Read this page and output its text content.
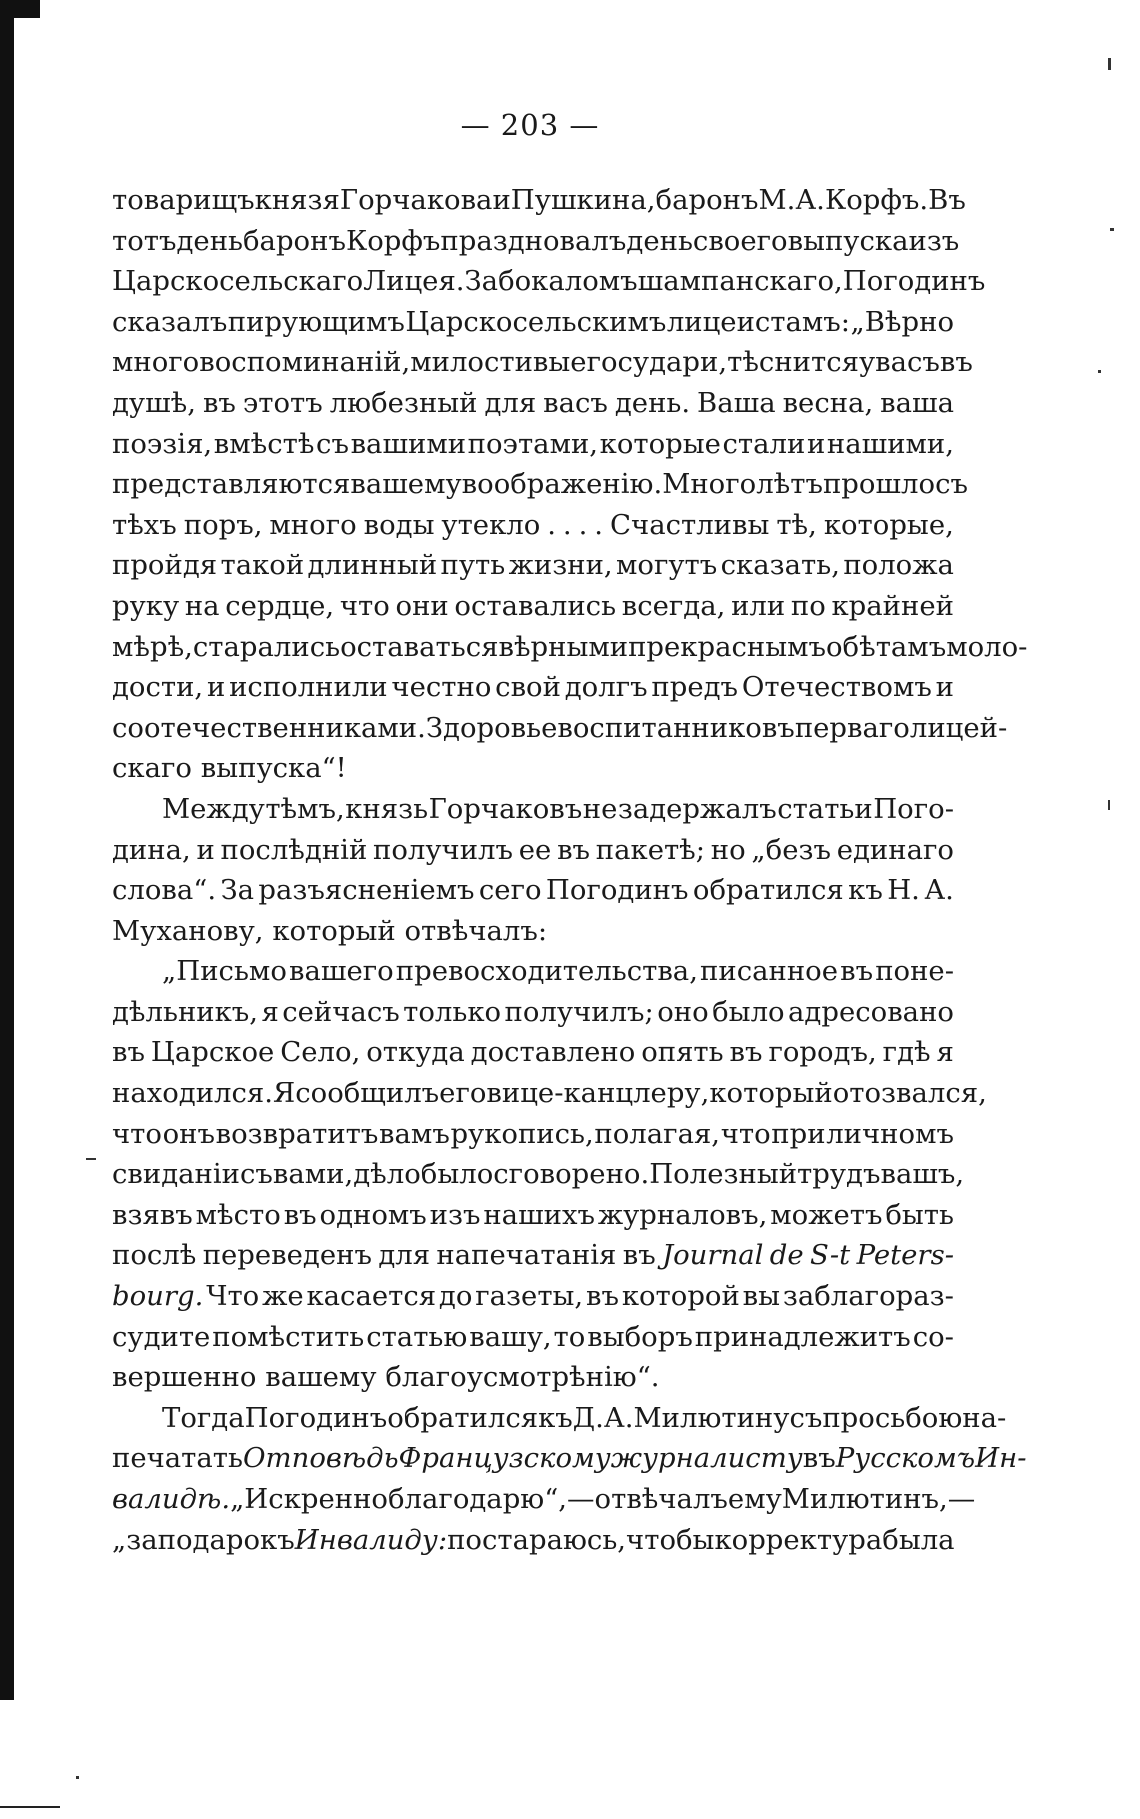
— 203 —
товарищъ князя Горчакова и Пушкина, баронъ М. А. Корфъ. Въ
тотъ день баронъ Корфъ праздновалъ день своего выпуска изъ
Царскосельскаго Лицея. За бокаломъ шампанскаго, Погодинъ
сказалъ пирующимъ Царскосельскимъ лицеистамъ: „Вѣрно
много воспоминаній, милостивые государи, тѣснится у васъ въ
душѣ, въ этотъ любезный для васъ день. Ваша весна, ваша
поэзія, вмѣстѣ съ вашими поэтами, которые стали и нашими,
представляются вашему воображенію. Много лѣтъ прошло съ
тѣхъ поръ, много воды утекло . . . . Счастливы тѣ, которые,
пройдя такой длинный путь жизни, могутъ сказать, положа
руку на сердце, что они оставались всегда, или по крайней
мѣрѣ, старались оставаться вѣрными прекраснымъ обѣтамъ моло-
дости, и исполнили честно свой долгъ предъ Отечествомъ и
соотечественниками. Здоровье воспитанниковъ перваго лицей-
скаго выпуска“!
Между тѣмъ, князь Горчаковъ не задержалъ статьи Пого-
дина, и послѣдній получилъ ее въ пакетѣ; но „безъ единаго
слова“. За разъясненіемъ сего Погодинъ обратился къ Н. А.
Муханову, который отвѣчалъ:
„Письмо вашего превосходительства, писанное въ поне-
дѣльникъ, я сейчасъ только получилъ; оно было адресовано
въ Царское Село, откуда доставлено опять въ городъ, гдѣ я
находился. Я сообщилъ его вице-канцлеру, который отозвался,
что онъ возвратитъ вамъ рукопись, полагая, что при личномъ
свиданіи съ вами, дѣло было сговорено. Полезный трудъ вашъ,
взявъ мѣсто въ одномъ изъ нашихъ журналовъ, можетъ быть
послѣ переведенъ для напечатанія въ Journal de S-t Peters-
bourg. Что же касается до газеты, въ которой вы заблагораз-
судите помѣстить статью вашу, то выборъ принадлежитъ со-
вершенно вашему благоусмотрѣнію“.
Тогда Погодинъ обратился къ Д. А. Милютину съ просьбою на-
печатать Отповѣдь Французскому журналисту въ Русскомъ Ин-
валидѣ. „Искренно благодарю“,—отвѣчалъ ему Милютинъ,—
„за подарокъ Инвалиду: постараюсь, чтобы корректура была
